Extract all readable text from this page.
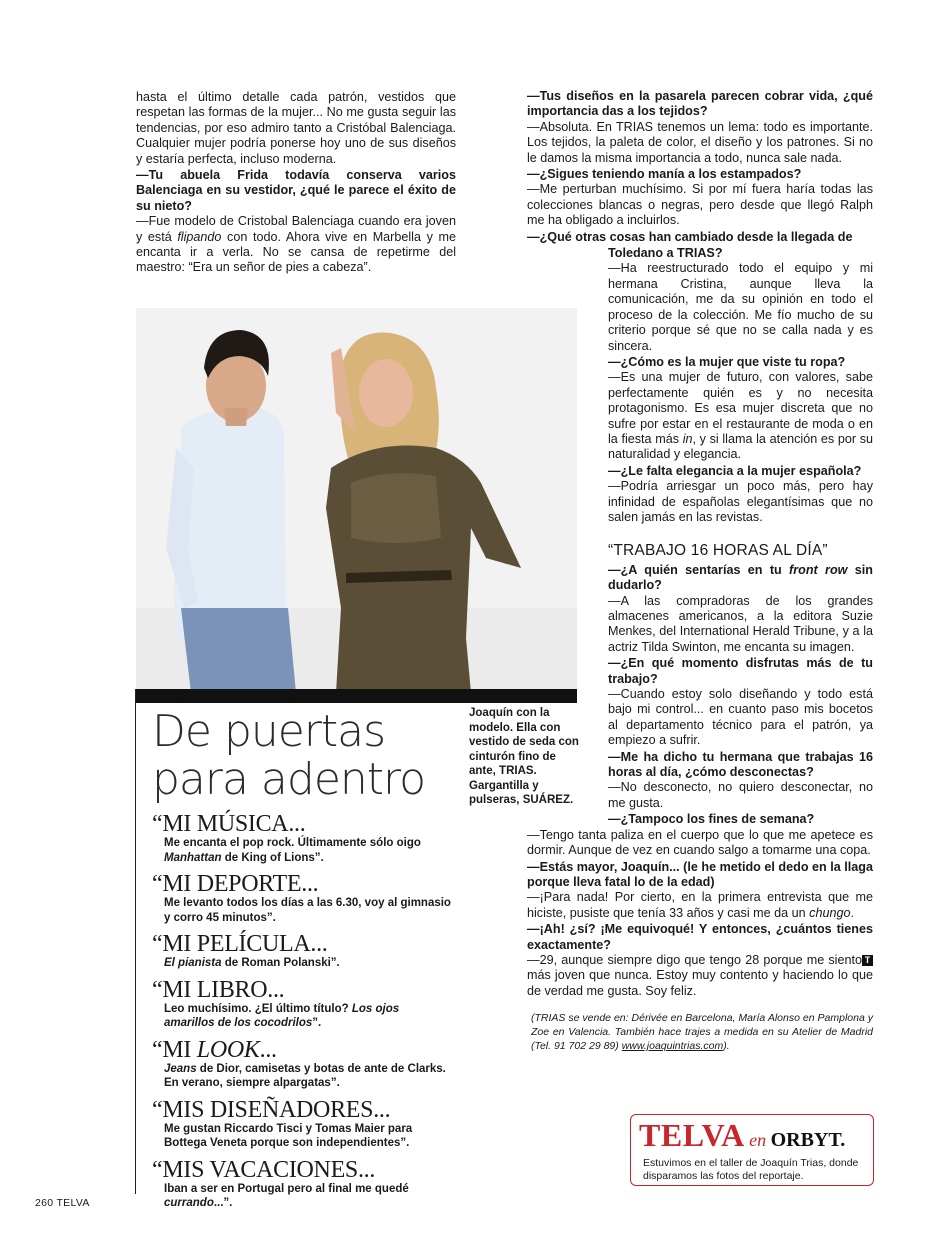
hasta el último detalle cada patrón, vestidos que respetan las formas de la mujer... No me gusta seguir las tendencias, por eso admiro tanto a Cristóbal Balenciaga. Cualquier mujer podría ponerse hoy uno de sus diseños y estaría perfecta, incluso moderna.

—Tu abuela Frida todavía conserva varios Balenciaga en su vestidor, ¿qué le parece el éxito de su nieto?

—Fue modelo de Cristobal Balenciaga cuando era joven y está flipando con todo. Ahora vive en Marbella y me encanta ir a verla. No se cansa de repetirme del maestro: “Era un señor de pies a cabeza”.

—Tus diseños en la pasarela parecen cobrar vida, ¿qué importancia das a los tejidos?

—Absoluta. En TRIAS tenemos un lema: todo es importante. Los tejidos, la paleta de color, el diseño y los patrones. Si no le damos la misma importancia a todo, nunca sale nada.

—¿Sigues teniendo manía a los estampados?

—Me perturban muchísimo. Si por mí fuera haría todas las colecciones blancas o negras, pero desde que llegó Ralph me ha obligado a incluirlos.

—¿Qué otras cosas han cambiado desde la llegada de

Toledano a TRIAS?

—Ha reestructurado todo el equipo y mi hermana Cristina, aunque lleva la comunicación, me da su opinión en todo el proceso de la colección. Me fío mucho de su criterio porque sé que no se calla nada y es sincera.

—¿Cómo es la mujer que viste tu ropa?

—Es una mujer de futuro, con valores, sabe perfectamente quién es y no necesita protagonismo. Es esa mujer discreta que no sufre por estar en el restaurante de moda o en la fiesta más in, y si llama la atención es por su naturalidad y elegancia.

—¿Le falta elegancia a la mujer española?

—Podría arriesgar un poco más, pero hay infinidad de españolas elegantísimas que no salen jamás en las revistas.

“TRABAJO 16 HORAS AL DÍA”

—¿A quién sentarías en tu front row sin dudarlo?

—A las compradoras de los grandes almacenes americanos, a la editora Suzie Menkes, del International Herald Tribune, y a la actriz Tilda Swinton, me encanta su imagen.

—¿En qué momento disfrutas más de tu trabajo?

—Cuando estoy solo diseñando y todo está bajo mi control... en cuanto paso mis bocetos al departamento técnico para el patrón, ya empiezo a sufrir.

—Me ha dicho tu hermana que trabajas 16 horas al día, ¿cómo desconectas?

—No desconecto, no quiero desconectar, no me gusta.

—¿Tampoco los fines de semana?

—Tengo tanta paliza en el cuerpo que lo que me apetece es dormir. Aunque de vez en cuando salgo a tomarme una copa.

—Estás mayor, Joaquín... (le he metido el dedo en la llaga porque lleva fatal lo de la edad)

—¡Para nada! Por cierto, en la primera entrevista que me hiciste, pusiste que tenía 33 años y casi me da un chungo.

—¡Ah! ¿sí? ¡Me equivoqué! Y entonces, ¿cuántos tienes exactamente?

T
—29, aunque siempre digo que tengo 28 porque me siento más joven que nunca. Estoy muy contento y haciendo lo que de verdad me gusta. Soy feliz.

(TRIAS se vende en: Dérivée en Barcelona, María Alonso en Pamplona y Zoe en Valencia. También hace trajes a medida en su Atelier de Madrid (Tel. 91 702 29 89) www.joaquintrias.com).

De puertas
para adentro
Joaquín con la modelo. Ella con vestido de seda con cinturón fino de ante, TRIAS. Gargantilla y pulseras, SUÁREZ.
“MI MÚSICA...
Me encanta el pop rock. Últimamente sólo oigo Manhattan de King of Lions”.
“MI DEPORTE...
Me levanto todos los días a las 6.30, voy al gimnasio y corro 45 minutos”.
“MI PELÍCULA...
El pianista de Roman Polanski”.
“MI LIBRO...
Leo muchísimo. ¿El último título? Los ojos amarillos de los cocodrilos”.
“MI LOOK...
Jeans de Dior, camisetas y botas de ante de Clarks. En verano, siempre alpargatas”.
“MIS DISEÑADORES...
Me gustan Riccardo Tisci y Tomas Maier para Bottega Veneta porque son independientes”.
“MIS VACACIONES...
Iban a ser en Portugal pero al final me quedé currando...”.
TELVA en ORBYT.
Estuvimos en el taller de Joaquín Trias, donde disparamos las fotos del reportaje.
260 TELVA
